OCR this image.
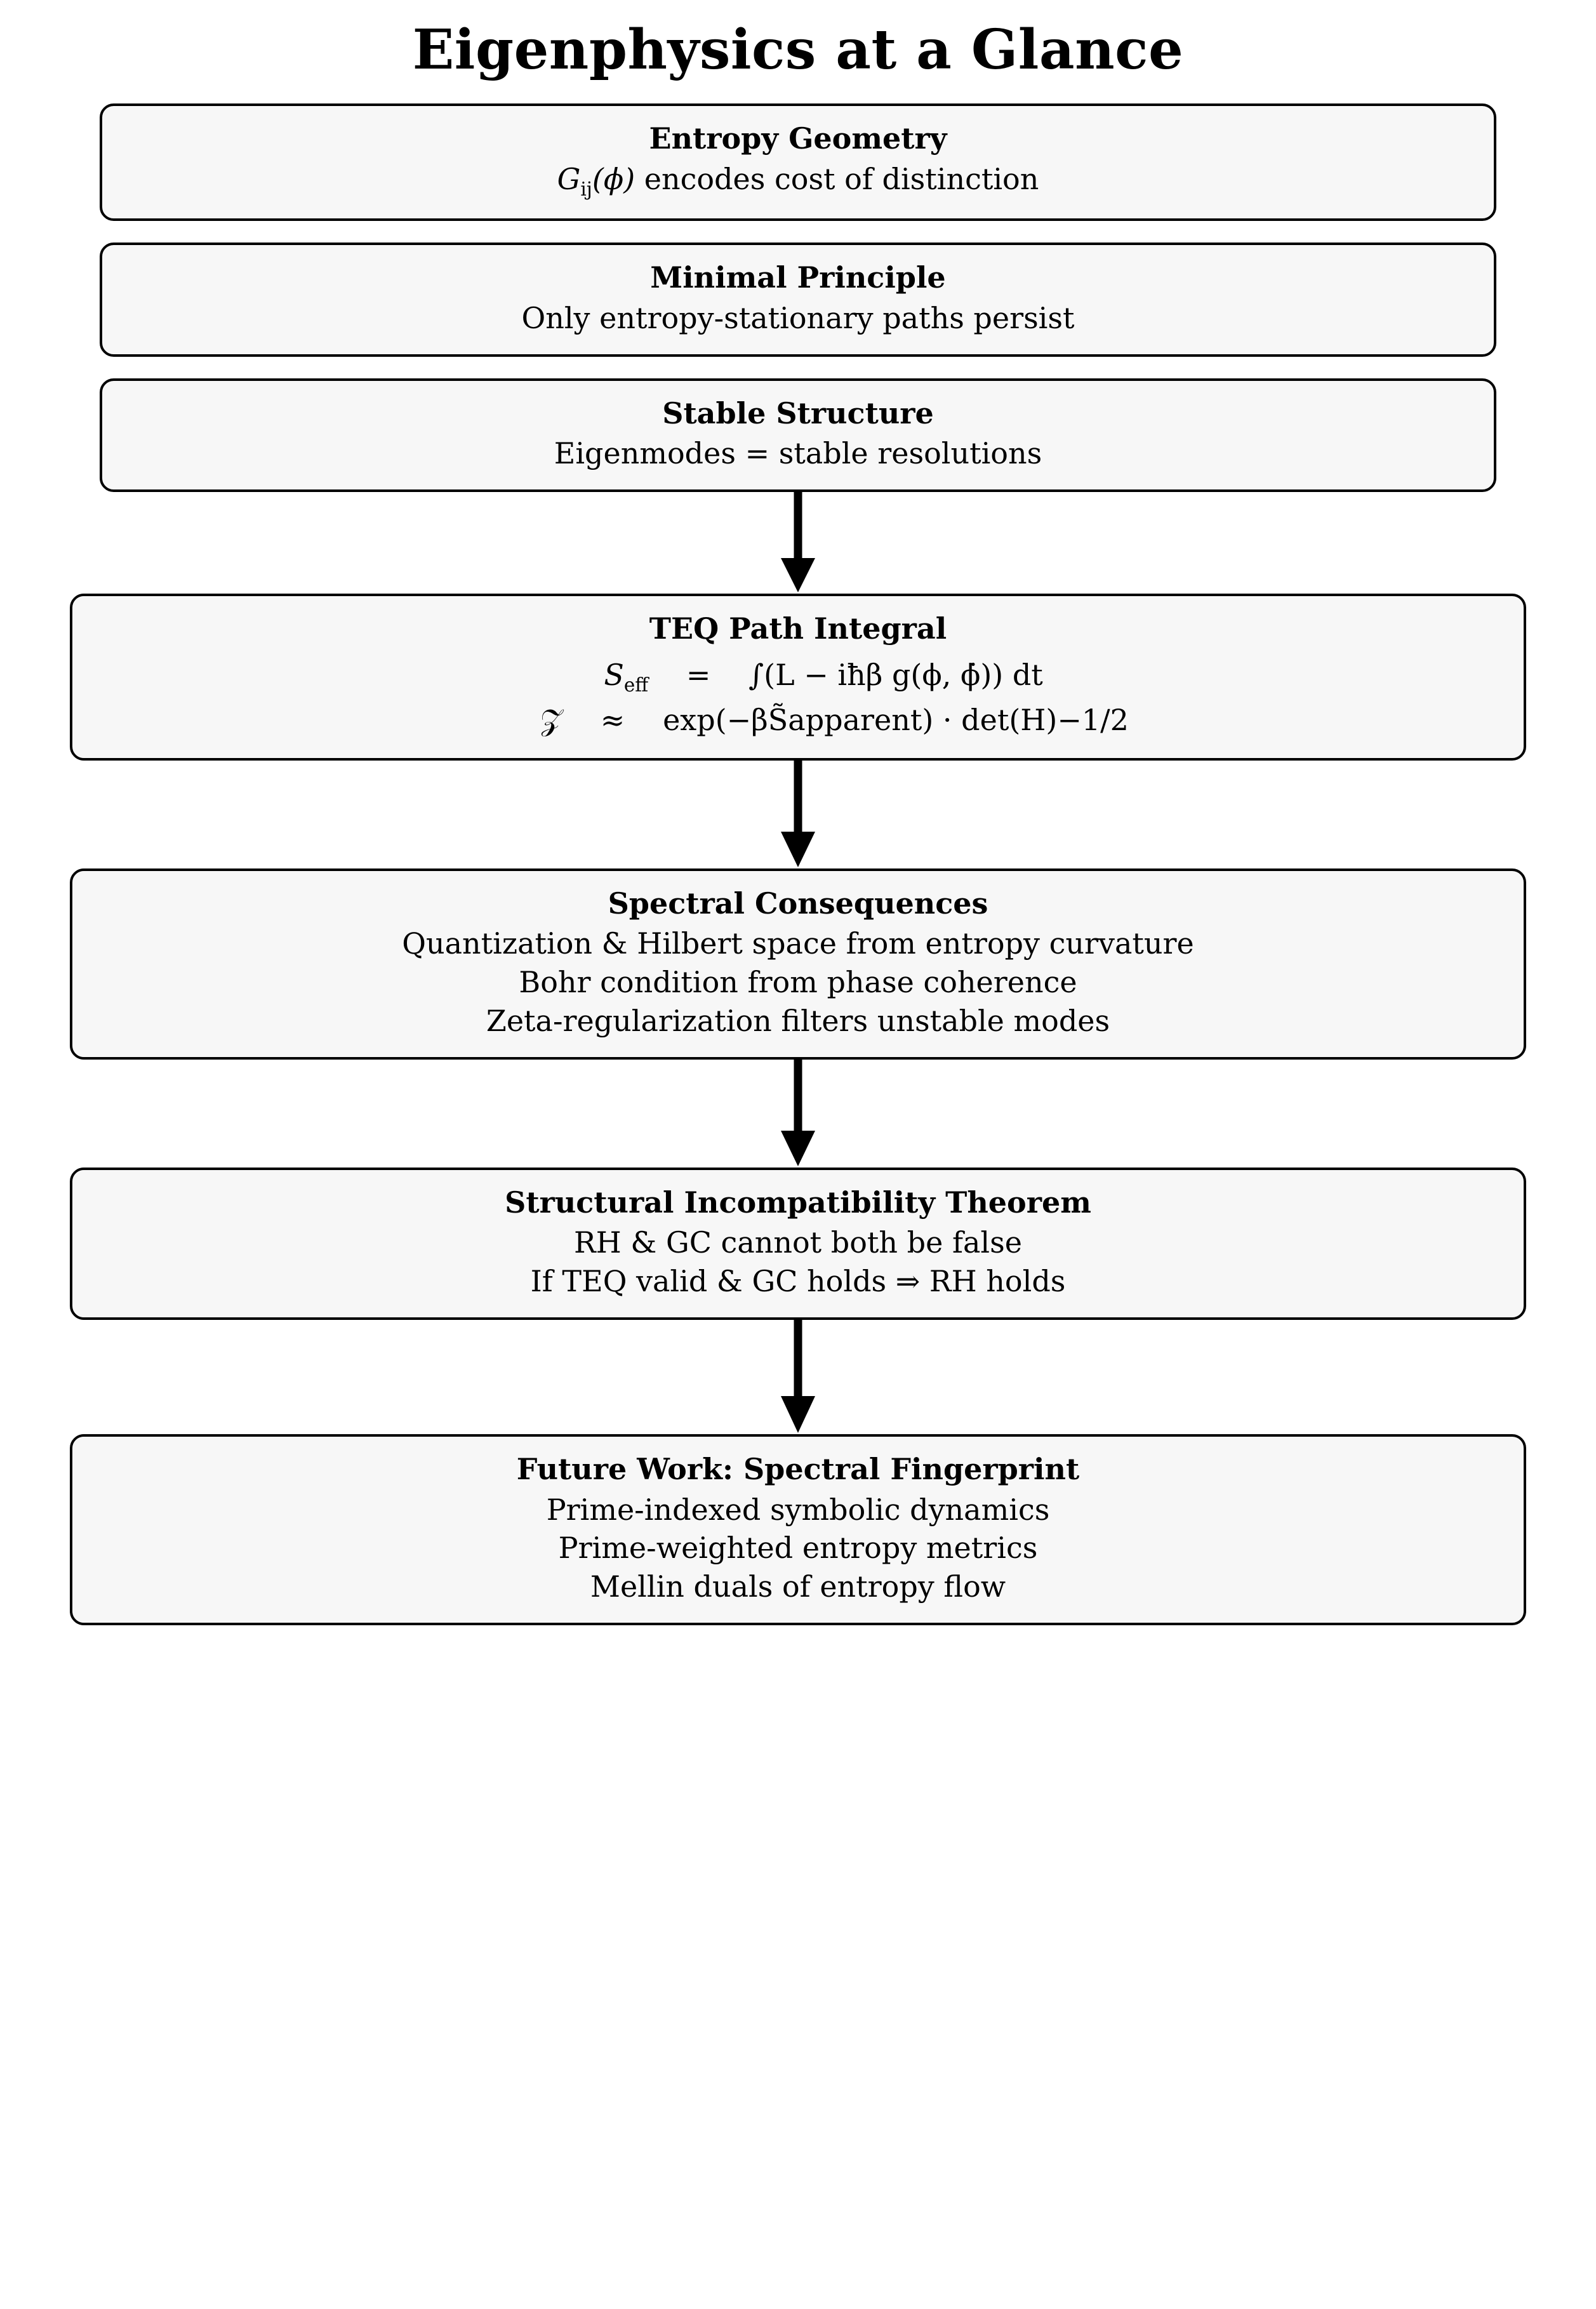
Eigenphysics at a Glance
Entropy Geometry
$G_{ij}(\phi)$ encodes cost of distinction
Minimal Principle
Only entropy-stationary paths persist
Stable Structure
Eigenmodes = stable resolutions
TEQ Path Integral
$S_{eff}$	=	∫(L − iħβ g(ϕ, ϕ̇)) dt
𝒵	≈	exp(−βS̃apparent) · det(H)−1/2
Spectral Consequences
Quantization & Hilbert space from entropy curvature
Bohr condition from phase coherence
Zeta-regularization filters unstable modes
Structural Incompatibility Theorem
RH & GC cannot both be false
If TEQ valid & GC holds ⇒ RH holds
Future Work: Spectral Fingerprint
Prime-indexed symbolic dynamics
Prime-weighted entropy metrics
Mellin duals of entropy flow
